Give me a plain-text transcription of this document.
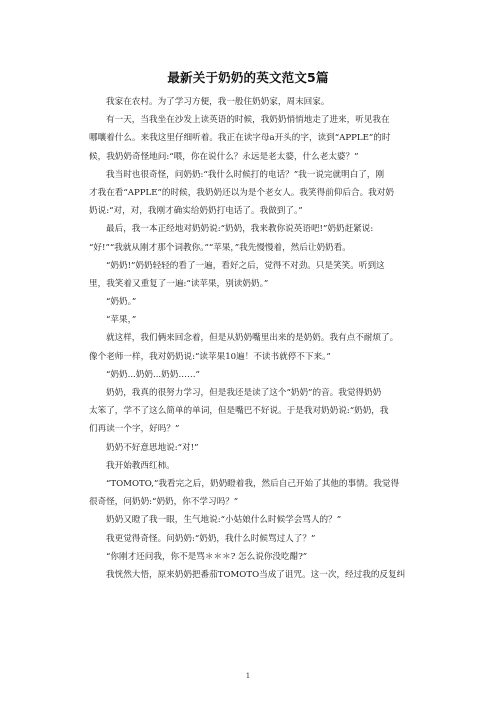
最新关于奶奶的英文范文5篇
我家在农村。为了学习方便，我一般住奶奶家，周末回家。
有一天，当我坐在沙发上读英语的时候，我奶奶悄悄地走了进来，听见我在
哪嚷着什么。来我这里仔细听着。我正在读字母a开头的字，读到“APPLE”的时
候，我奶奶奇怪地问:“喂，你在说什么？永远是老太婆，什么老太婆？”
我当时也很奇怪，问奶奶:“我什么时候打的电话？”我一说完就明白了，刚
才我在看“APPLE”的时候，我奶奶还以为是个老女人。我笑得前仰后合。我对奶
奶说:“对，对，我刚才确实给奶奶打电话了。我做到了。”
最后，我一本正经地对奶奶说:“奶奶，我来教你说英语吧!”奶奶赶紧说:
“好!”“我就从刚才那个词教你。”“苹果，”我先慢慢着，然后让奶奶看。
“奶奶!”奶奶轻轻的看了一遍，看好之后，觉得不对劲。只是笑笑。听到这
里，我笑着又重复了一遍:“读苹果，别读奶奶。”
“奶奶。”
“苹果，”
就这样，我们俩来回念着，但是从奶奶嘴里出来的是奶奶。我有点不耐烦了。
像个老师一样，我对奶奶说:“读苹果10遍！不读书就停不下来。”
“奶奶...奶奶...奶奶……”
奶奶，我真的很努力学习，但是我还是读了这个“奶奶”的音。我觉得奶奶
太笨了，学不了这么简单的单词，但是嘴巴不好说。于是我对奶奶说:“奶奶，我
们再读一个字，好吗？”
奶奶不好意思地说:“对!”
我开始教西红柿。
“TOMOTO,”我看完之后，奶奶瞪着我，然后自己开始了其他的事情。我觉得
很奇怪，问奶奶:“奶奶，你不学习吗？”
奶奶又瞪了我一眼，生气地说:“小姑娘什么时候学会骂人的？”
我更觉得奇怪。问奶奶:“奶奶，我什么时候骂过人了？”
“你刚才还问我，你不是骂＊＊＊? 怎么说你没吃醋?”
我恍然大悟，原来奶奶把番茄TOMOTO当成了诅咒。这一次，经过我的反复纠
1
